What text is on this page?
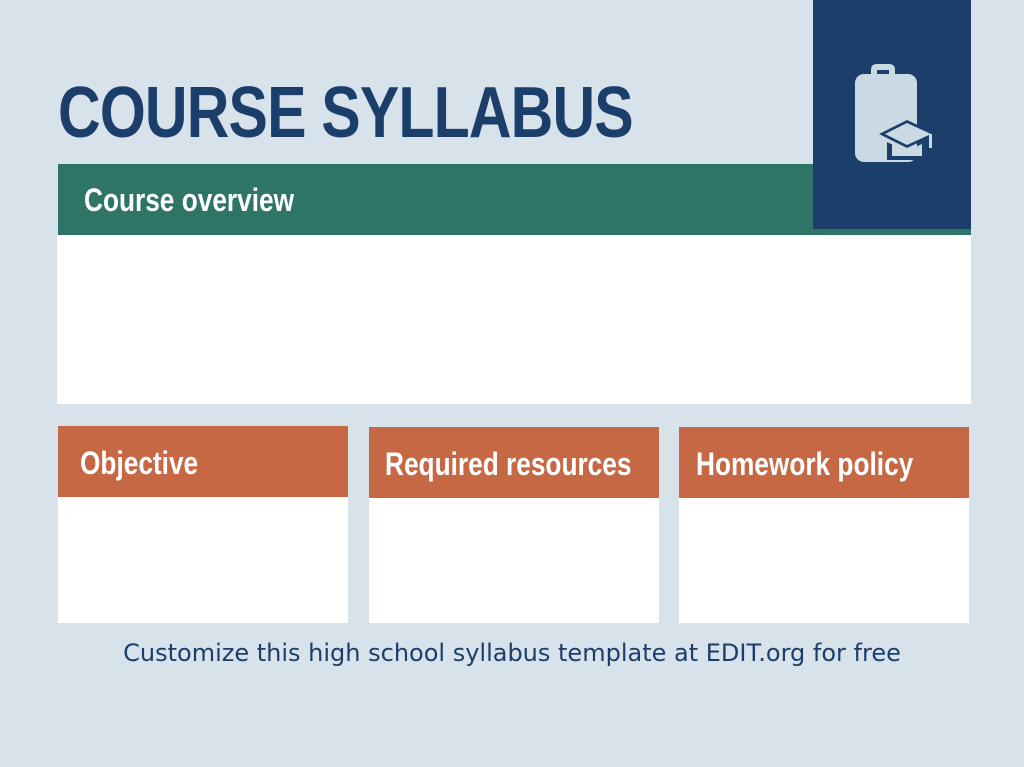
COURSE SYLLABUS
Course overview
Objective	Required resources Homework policy
Customize this high school syllabus template at EDIT.org for free
